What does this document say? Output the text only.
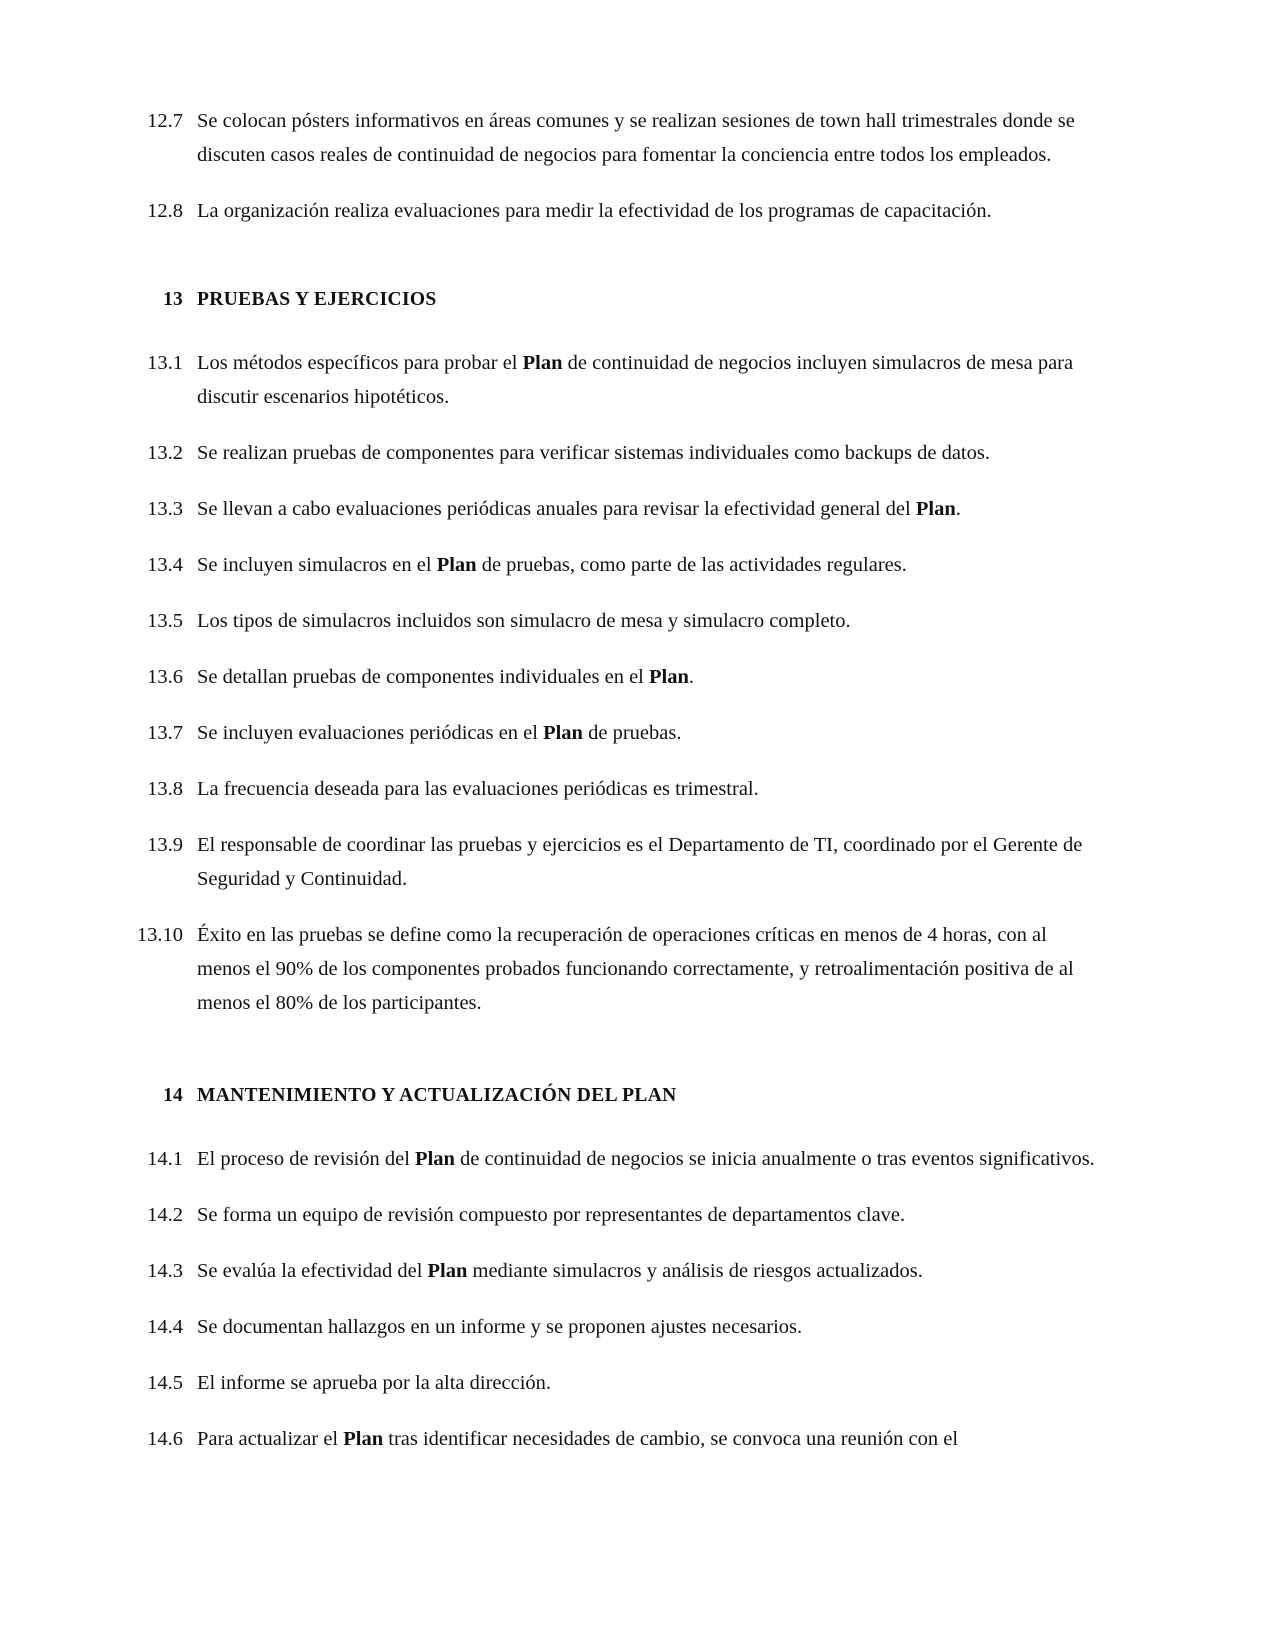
12.7 Se colocan pósters informativos en áreas comunes y se realizan sesiones de town hall trimestrales donde se discuten casos reales de continuidad de negocios para fomentar la conciencia entre todos los empleados.
12.8 La organización realiza evaluaciones para medir la efectividad de los programas de capacitación.
13 PRUEBAS Y EJERCICIOS
13.1 Los métodos específicos para probar el Plan de continuidad de negocios incluyen simulacros de mesa para discutir escenarios hipotéticos.
13.2 Se realizan pruebas de componentes para verificar sistemas individuales como backups de datos.
13.3 Se llevan a cabo evaluaciones periódicas anuales para revisar la efectividad general del Plan.
13.4 Se incluyen simulacros en el Plan de pruebas, como parte de las actividades regulares.
13.5 Los tipos de simulacros incluidos son simulacro de mesa y simulacro completo.
13.6 Se detallan pruebas de componentes individuales en el Plan.
13.7 Se incluyen evaluaciones periódicas en el Plan de pruebas.
13.8 La frecuencia deseada para las evaluaciones periódicas es trimestral.
13.9 El responsable de coordinar las pruebas y ejercicios es el Departamento de TI, coordinado por el Gerente de Seguridad y Continuidad.
13.10 Éxito en las pruebas se define como la recuperación de operaciones críticas en menos de 4 horas, con al menos el 90% de los componentes probados funcionando correctamente, y retroalimentación positiva de al menos el 80% de los participantes.
14 MANTENIMIENTO Y ACTUALIZACIÓN DEL PLAN
14.1 El proceso de revisión del Plan de continuidad de negocios se inicia anualmente o tras eventos significativos.
14.2 Se forma un equipo de revisión compuesto por representantes de departamentos clave.
14.3 Se evalúa la efectividad del Plan mediante simulacros y análisis de riesgos actualizados.
14.4 Se documentan hallazgos en un informe y se proponen ajustes necesarios.
14.5 El informe se aprueba por la alta dirección.
14.6 Para actualizar el Plan tras identificar necesidades de cambio, se convoca una reunión con el
